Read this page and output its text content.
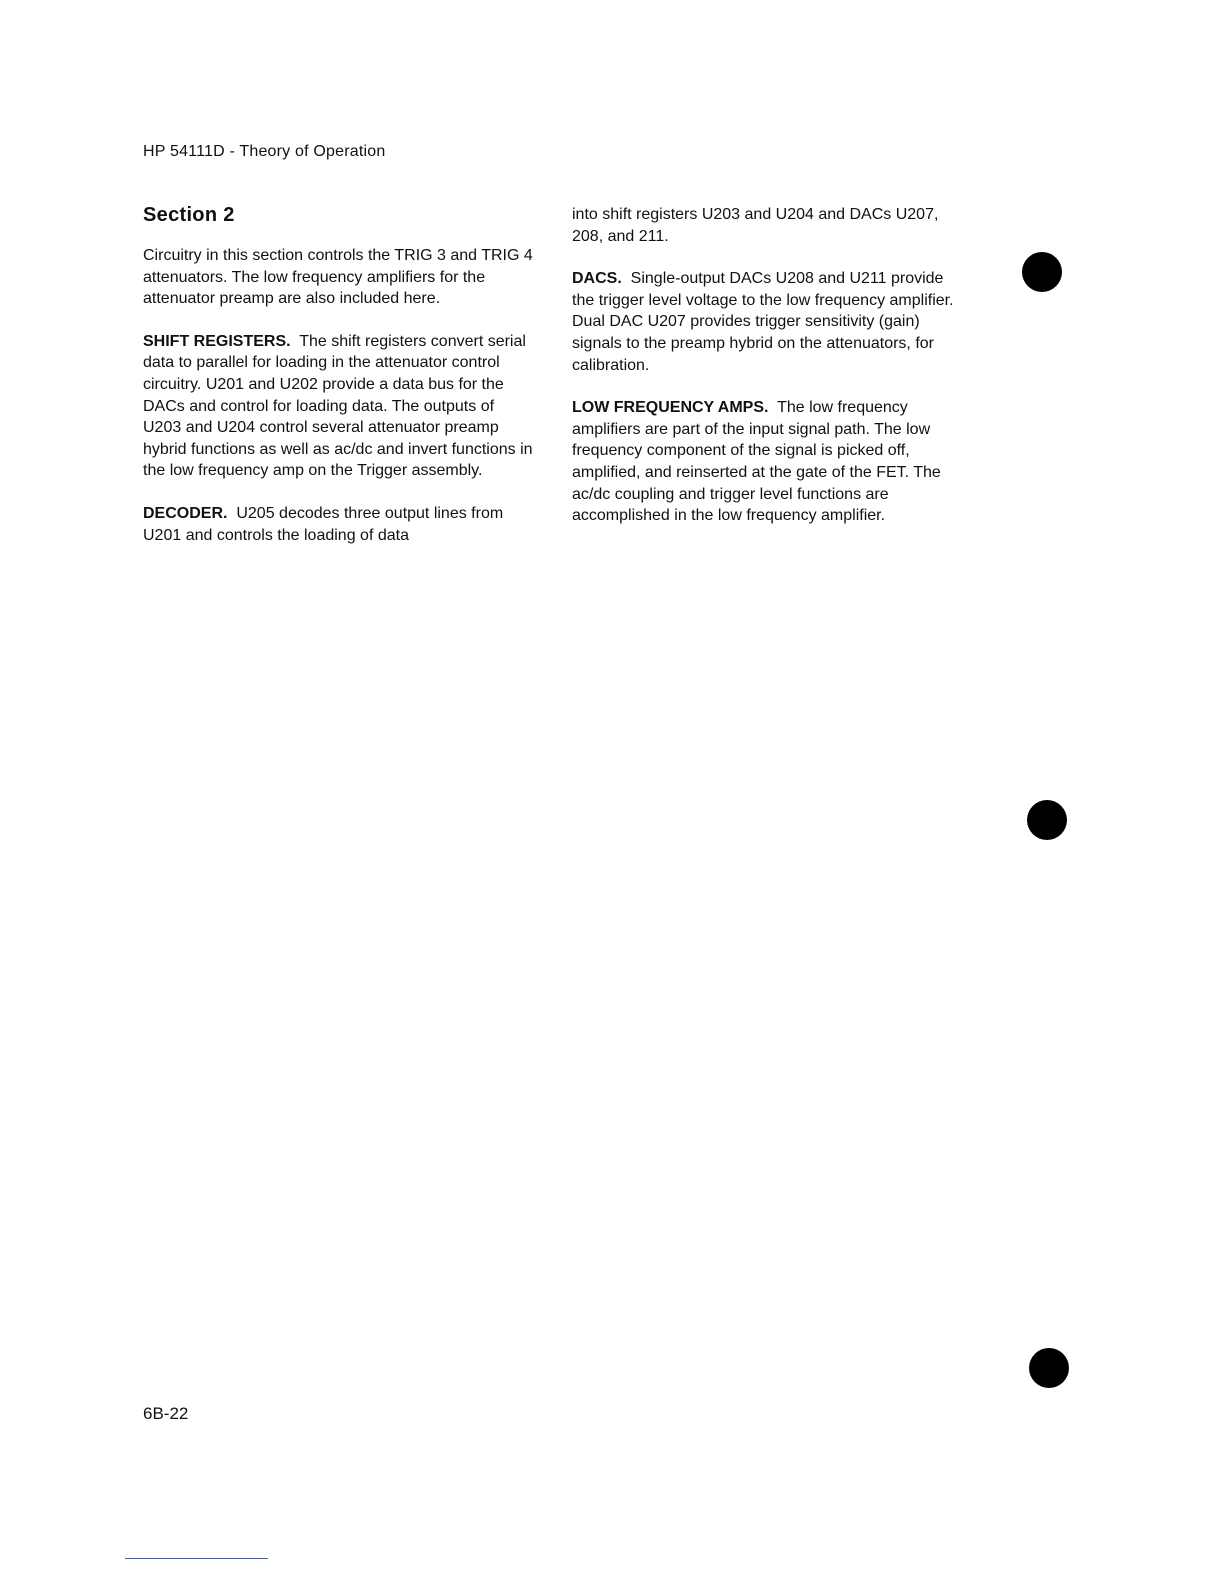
HP 54111D - Theory of Operation
Section 2

Circuitry in this section controls the TRIG 3 and TRIG 4 attenuators. The low frequency amplifiers for the attenuator preamp are also included here.

SHIFT REGISTERS. The shift registers convert serial data to parallel for loading in the attenuator control circuitry. U201 and U202 provide a data bus for the DACs and control for loading data. The outputs of U203 and U204 control several attenuator preamp hybrid functions as well as ac/dc and invert functions in the low frequency amp on the Trigger assembly.

DECODER. U205 decodes three output lines from U201 and controls the loading of data

into shift registers U203 and U204 and DACs U207, 208, and 211.

DACS. Single-output DACs U208 and U211 provide the trigger level voltage to the low frequency amplifier. Dual DAC U207 provides trigger sensitivity (gain) signals to the preamp hybrid on the attenuators, for calibration.

LOW FREQUENCY AMPS. The low frequency amplifiers are part of the input signal path. The low frequency component of the signal is picked off, amplified, and reinserted at the gate of the FET. The ac/dc coupling and trigger level functions are accomplished in the low frequency amplifier.

6B-22
